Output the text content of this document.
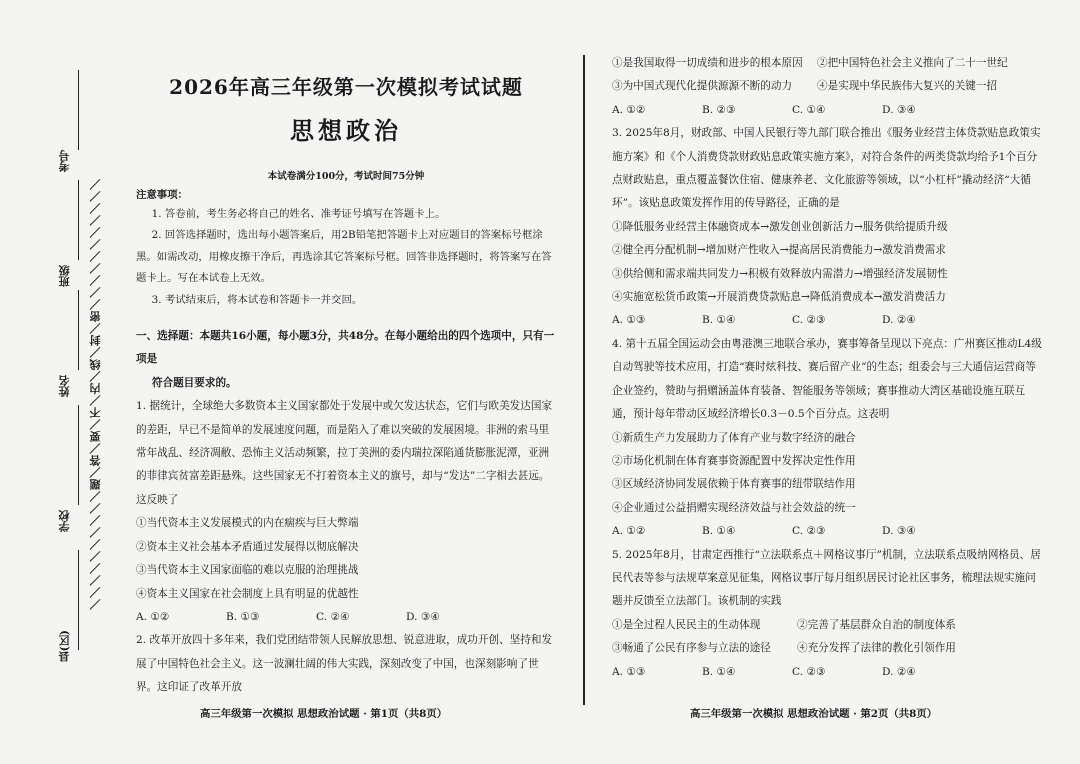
考号
班级
姓名
学校
县(区)
／／／／／／／／／／题／答／要／不／内／线／封／密／／／／／／／／／／／

2026年高三年级第一次模拟考试试题

思想政治

本试卷满分100分，考试时间75分钟

注意事项：

1. 答卷前，考生务必将自己的姓名、准考证号填写在答题卡上。

2. 回答选择题时，选出每小题答案后，用2B铅笔把答题卡上对应题目的答案标号框涂黑。如需改动，用橡皮擦干净后，再选涂其它答案标号框。回答非选择题时，将答案写在答题卡上。写在本试卷上无效。

3. 考试结束后，将本试卷和答题卡一并交回。

一、选择题：本题共16小题，每小题3分，共48分。在每小题给出的四个选项中，只有一项是
符合题目要求的。

1. 据统计，全球绝大多数资本主义国家都处于发展中或欠发达状态，它们与欧美发达国家的差距，早已不是简单的发展速度问题，而是陷入了难以突破的发展困境。非洲的索马里常年战乱、经济凋敝、恐怖主义活动频繁，拉丁美洲的委内瑞拉深陷通货膨胀泥潭，亚洲的菲律宾贫富差距悬殊。这些国家无不打着资本主义的旗号，却与“发达”二字相去甚远。这反映了

①当代资本主义发展模式的内在痼疾与巨大弊端

②资本主义社会基本矛盾通过发展得以彻底解决

③当代资本主义国家面临的难以克服的治理挑战

④资本主义国家在社会制度上具有明显的优越性

A. ①②	B. ①③	C. ②④	D. ③④

2. 改革开放四十多年来，我们党团结带领人民解放思想、锐意进取，成功开创、坚持和发展了中国特色社会主义。这一波澜壮阔的伟大实践，深刻改变了中国，也深刻影响了世界。这印证了改革开放

高三年级第一次模拟 思想政治试题 · 第1页（共8页）

①是我国取得一切成绩和进步的根本原因	②把中国特色社会主义推向了二十一世纪

③为中国式现代化提供源源不断的动力	④是实现中华民族伟大复兴的关键一招

A. ①②	B. ②③	C. ①④	D. ③④

3. 2025年8月，财政部、中国人民银行等九部门联合推出《服务业经营主体贷款贴息政策实施方案》和《个人消费贷款财政贴息政策实施方案》，对符合条件的两类贷款均给予1个百分点财政贴息，重点覆盖餐饮住宿、健康养老、文化旅游等领域，以“小杠杆”撬动经济“大循环”。该贴息政策发挥作用的传导路径，正确的是

①降低服务业经营主体融资成本→激发创业创新活力→服务供给提质升级

②健全再分配机制→增加财产性收入→提高居民消费能力→激发消费需求

③供给侧和需求端共同发力→积极有效释放内需潜力→增强经济发展韧性

④实施宽松货币政策→开展消费贷款贴息→降低消费成本→激发消费活力

A. ①③	B. ①④	C. ②③	D. ②④

4. 第十五届全国运动会由粤港澳三地联合承办，赛事筹备呈现以下亮点：广州赛区推动L4级自动驾驶等技术应用，打造“赛时炫科技、赛后留产业”的生态；组委会与三大通信运营商等企业签约，赞助与捐赠涵盖体育装备、智能服务等领域；赛事推动大湾区基础设施互联互通，预计每年带动区域经济增长0.3－0.5个百分点。这表明

①新质生产力发展助力了体育产业与数字经济的融合

②市场化机制在体育赛事资源配置中发挥决定性作用

③区域经济协同发展依赖于体育赛事的纽带联结作用

④企业通过公益捐赠实现经济效益与社会效益的统一

A. ①②	B. ①④	C. ②③	D. ③④

5. 2025年8月，甘肃定西推行“立法联系点＋网格议事厅”机制，立法联系点吸纳网格员、居民代表等参与法规草案意见征集，网格议事厅每月组织居民讨论社区事务，梳理法规实施问题并反馈至立法部门。该机制的实践

①是全过程人民民主的生动体现	②完善了基层群众自治的制度体系

③畅通了公民有序参与立法的途径	④充分发挥了法律的教化引领作用

A. ①③	B. ①④	C. ②③	D. ②④

高三年级第一次模拟 思想政治试题 · 第2页（共8页）
